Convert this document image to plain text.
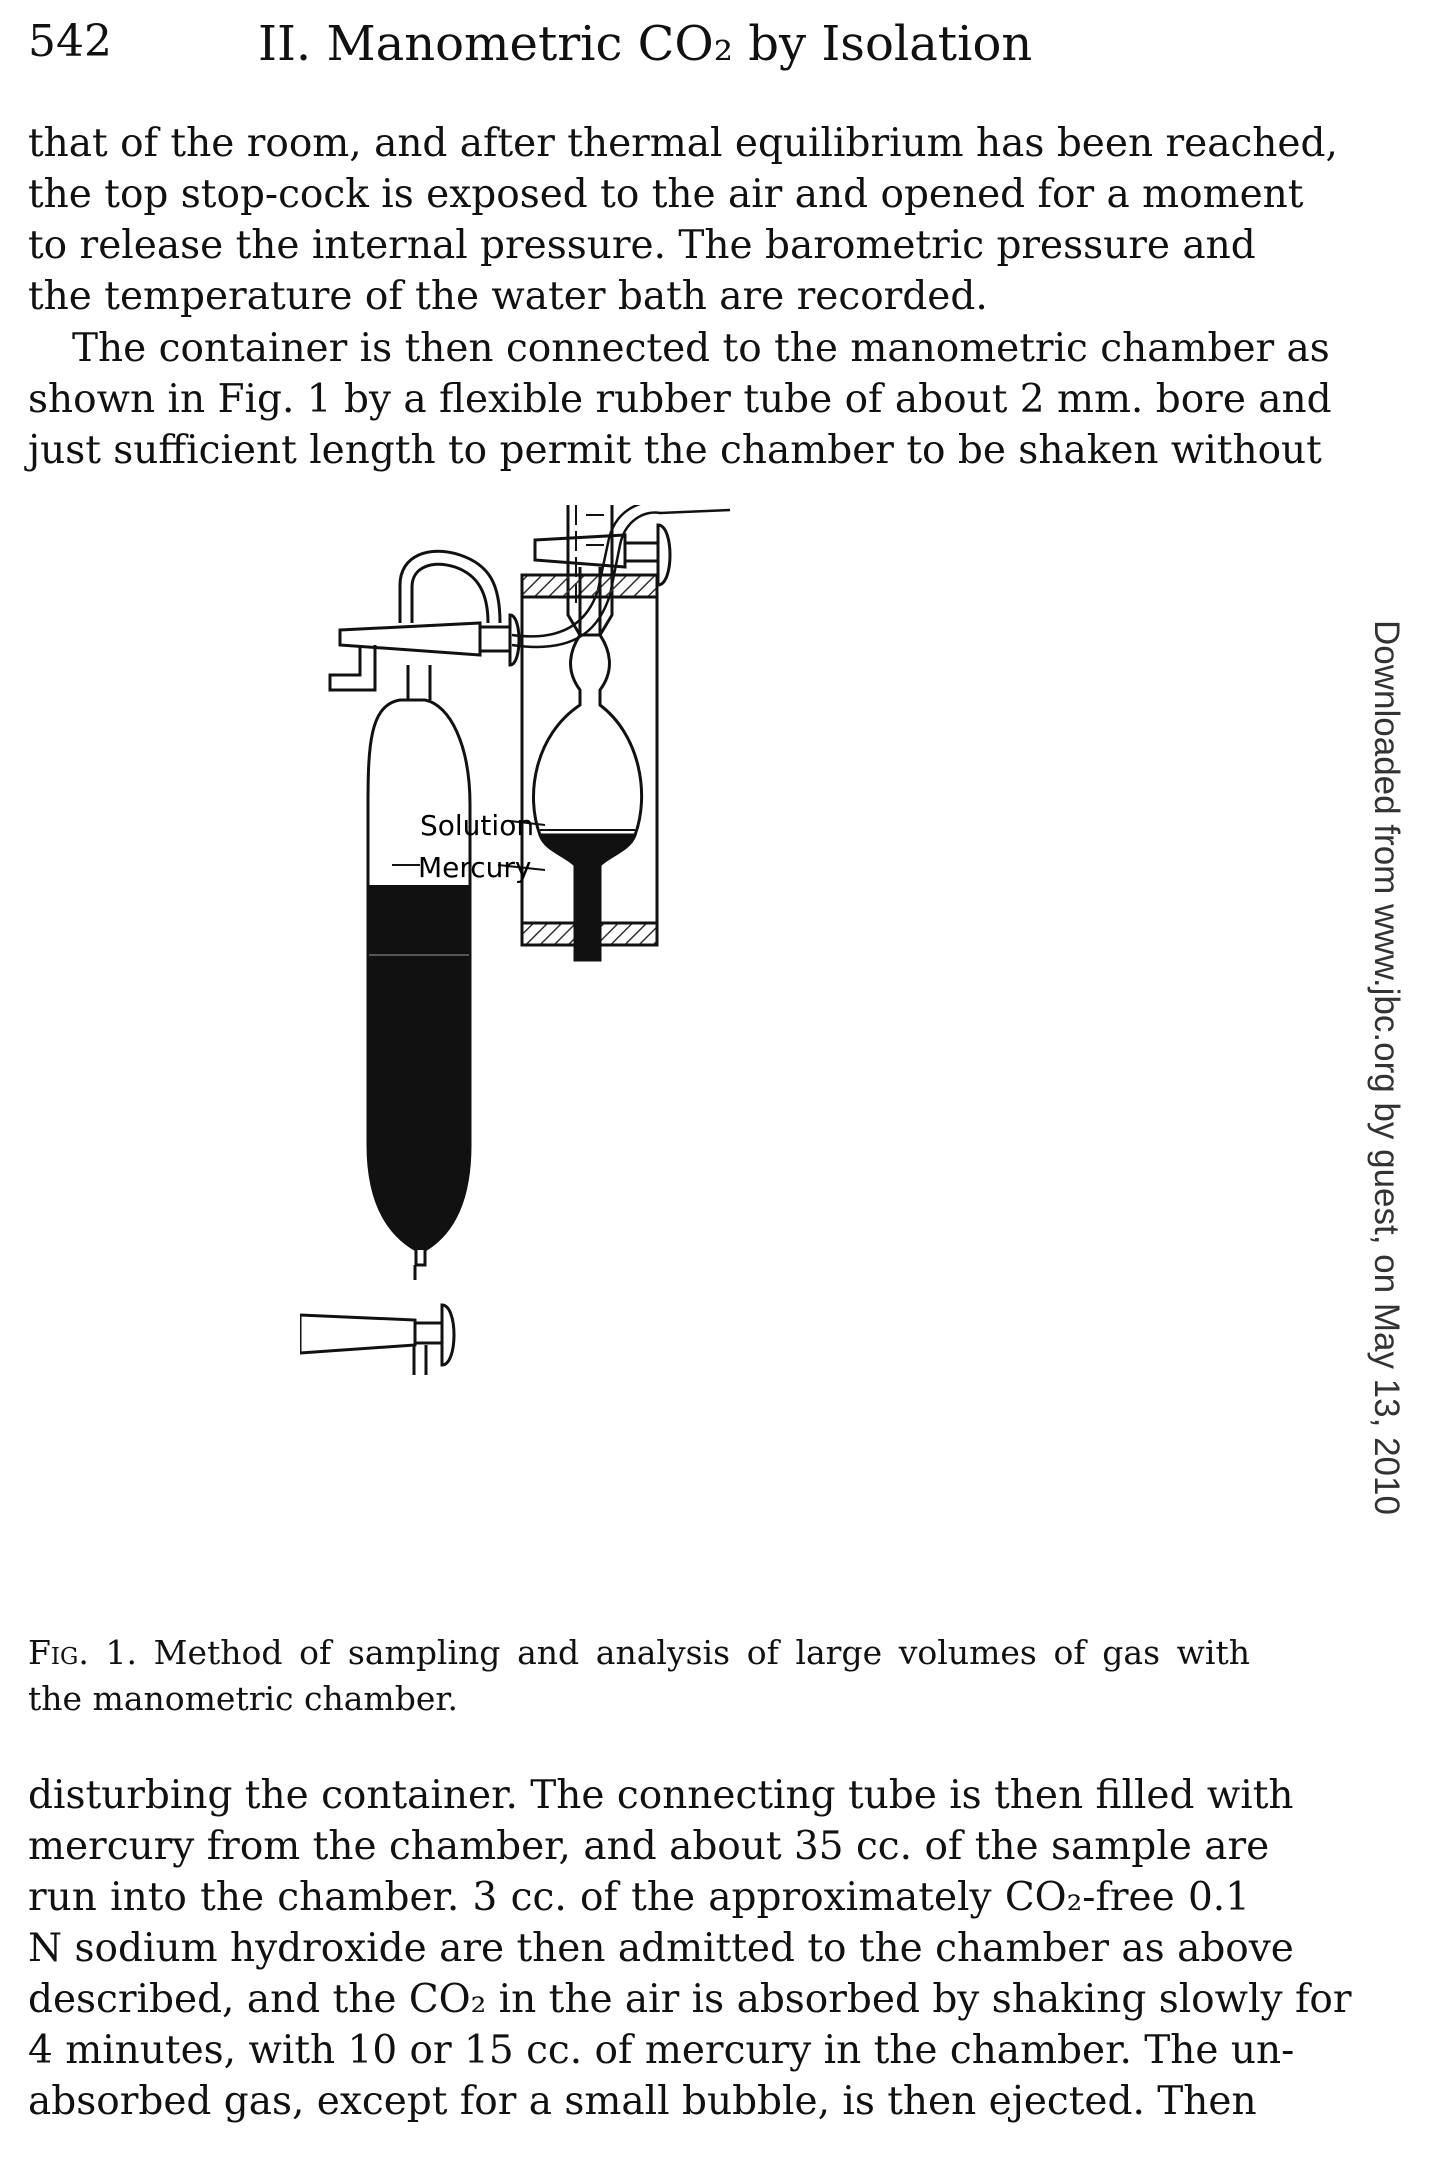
542	II. Manometric CO₂ by Isolation
that of the room, and after thermal equilibrium has been reached,
the top stop-cock is exposed to the air and opened for a moment
to release the internal pressure. The barometric pressure and
the temperature of the water bath are recorded.
The container is then connected to the manometric chamber as
shown in Fig. 1 by a flexible rubber tube of about 2 mm. bore and
just sufficient length to permit the chamber to be shaken without
Solution
Mercury
Fig. 1. Method of sampling and analysis of large volumes of gas with
the manometric chamber.
disturbing the container. The connecting tube is then filled with
mercury from the chamber, and about 35 cc. of the sample are
run into the chamber. 3 cc. of the approximately CO₂-free 0.1
N sodium hydroxide are then admitted to the chamber as above
described, and the CO₂ in the air is absorbed by shaking slowly for
4 minutes, with 10 or 15 cc. of mercury in the chamber. The un-
absorbed gas, except for a small bubble, is then ejected. Then
Downloaded from www.jbc.org by guest, on May 13, 2010
